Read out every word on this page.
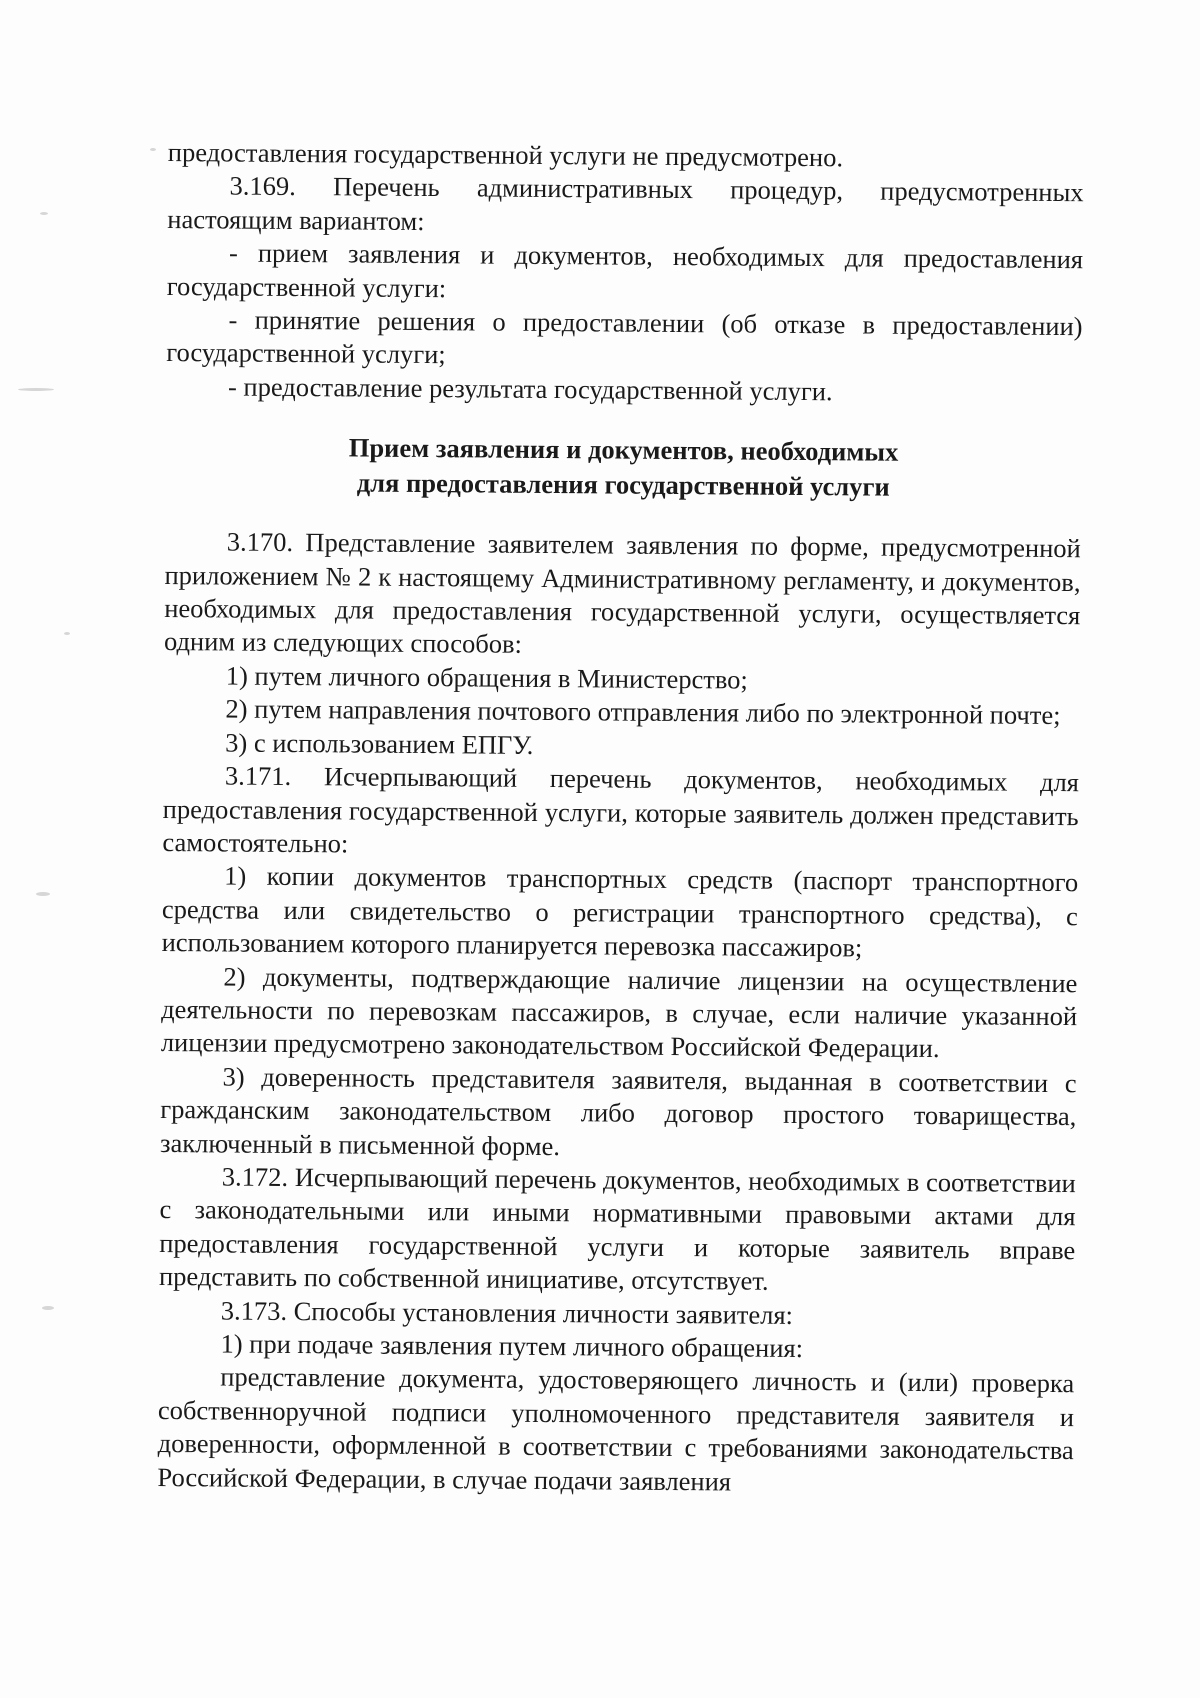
предоставления государственной услуги не предусмотрено.

3.169. Перечень административных процедур, предусмотренных настоящим вариантом:

- прием заявления и документов, необходимых для предоставления государственной услуги:

- принятие решения о предоставлении (об отказе в предоставлении) государственной услуги;

- предоставление результата государственной услуги.

Прием заявления и документов, необходимых
для предоставления государственной услуги

3.170. Представление заявителем заявления по форме, предусмотренной приложением № 2 к настоящему Административному регламенту, и документов, необходимых для предоставления государственной услуги, осуществляется одним из следующих способов:

1) путем личного обращения в Министерство;

2) путем направления почтового отправления либо по электронной почте;

3) с использованием ЕПГУ.

3.171. Исчерпывающий перечень документов, необходимых для предоставления государственной услуги, которые заявитель должен представить самостоятельно:

1) копии документов транспортных средств (паспорт транспортного средства или свидетельство о регистрации транспортного средства), с использованием которого планируется перевозка пассажиров;

2) документы, подтверждающие наличие лицензии на осуществление деятельности по перевозкам пассажиров, в случае, если наличие указанной лицензии предусмотрено законодательством Российской Федерации.

3) доверенность представителя заявителя, выданная в соответствии с гражданским законодательством либо договор простого товарищества, заключенный в письменной форме.

3.172. Исчерпывающий перечень документов, необходимых в соответствии с законодательными или иными нормативными правовыми актами для предоставления государственной услуги и которые заявитель вправе представить по собственной инициативе, отсутствует.

3.173. Способы установления личности заявителя:

1) при подаче заявления путем личного обращения:

представление документа, удостоверяющего личность и (или) проверка собственноручной подписи уполномоченного представителя заявителя и доверенности, оформленной в соответствии с требованиями законодательства Российской Федерации, в случае подачи заявления
